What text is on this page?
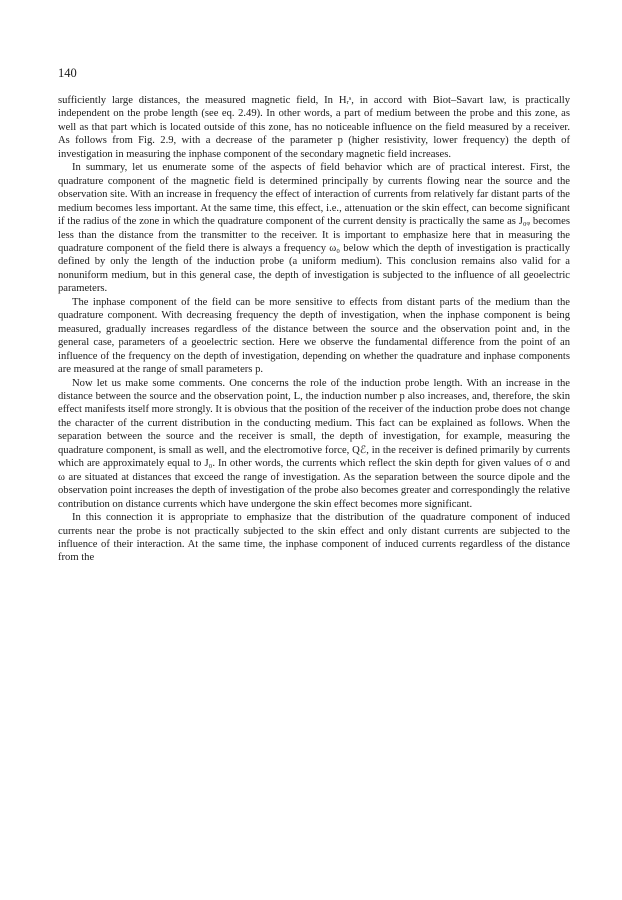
140

sufficiently large distances, the measured magnetic field, In Hᵣˢ, in accord with Biot–Savart law, is practically independent on the probe length (see eq. 2.49). In other words, a part of medium between the probe and this zone, as well as that part which is located outside of this zone, has no noticeable influence on the field measured by a receiver. As follows from Fig. 2.9, with a decrease of the parameter p (higher resistivity, lower frequency) the depth of investigation in measuring the inphase component of the secondary magnetic field increases.

In summary, let us enumerate some of the aspects of field behavior which are of practical interest. First, the quadrature component of the magnetic field is determined principally by currents flowing near the source and the observation site. With an increase in frequency the effect of interaction of currents from relatively far distant parts of the medium becomes less important. At the same time, this effect, i.e., attenuation or the skin effect, can become significant if the radius of the zone in which the quadrature component of the current density is practically the same as J₀ᵩ becomes less than the distance from the transmitter to the receiver. It is important to emphasize here that in measuring the quadrature component of the field there is always a frequency ω₀ below which the depth of investigation is practically defined by only the length of the induction probe (a uniform medium). This conclusion remains also valid for a nonuniform medium, but in this general case, the depth of investigation is subjected to the influence of all geoelectric parameters.

The inphase component of the field can be more sensitive to effects from distant parts of the medium than the quadrature component. With decreasing frequency the depth of investigation, when the inphase component is being measured, gradually increases regardless of the distance between the source and the observation point and, in the general case, parameters of a geoelectric section. Here we observe the fundamental difference from the point of an influence of the frequency on the depth of investigation, depending on whether the quadrature and inphase components are measured at the range of small parameters p.

Now let us make some comments. One concerns the role of the induction probe length. With an increase in the distance between the source and the observation point, L, the induction number p also increases, and, therefore, the skin effect manifests itself more strongly. It is obvious that the position of the receiver of the induction probe does not change the character of the current distribution in the conducting medium. This fact can be explained as follows. When the separation between the source and the receiver is small, the depth of investigation, for example, measuring the quadrature component, is small as well, and the electromotive force, Qℰ, in the receiver is defined primarily by currents which are approximately equal to J₀. In other words, the currents which reflect the skin depth for given values of σ and ω are situated at distances that exceed the range of investigation. As the separation between the source dipole and the observation point increases the depth of investigation of the probe also becomes greater and correspondingly the relative contribution on distance currents which have undergone the skin effect becomes more significant.

In this connection it is appropriate to emphasize that the distribution of the quadrature component of induced currents near the probe is not practically subjected to the skin effect and only distant currents are subjected to the influence of their interaction. At the same time, the inphase component of induced currents regardless of the distance from the
